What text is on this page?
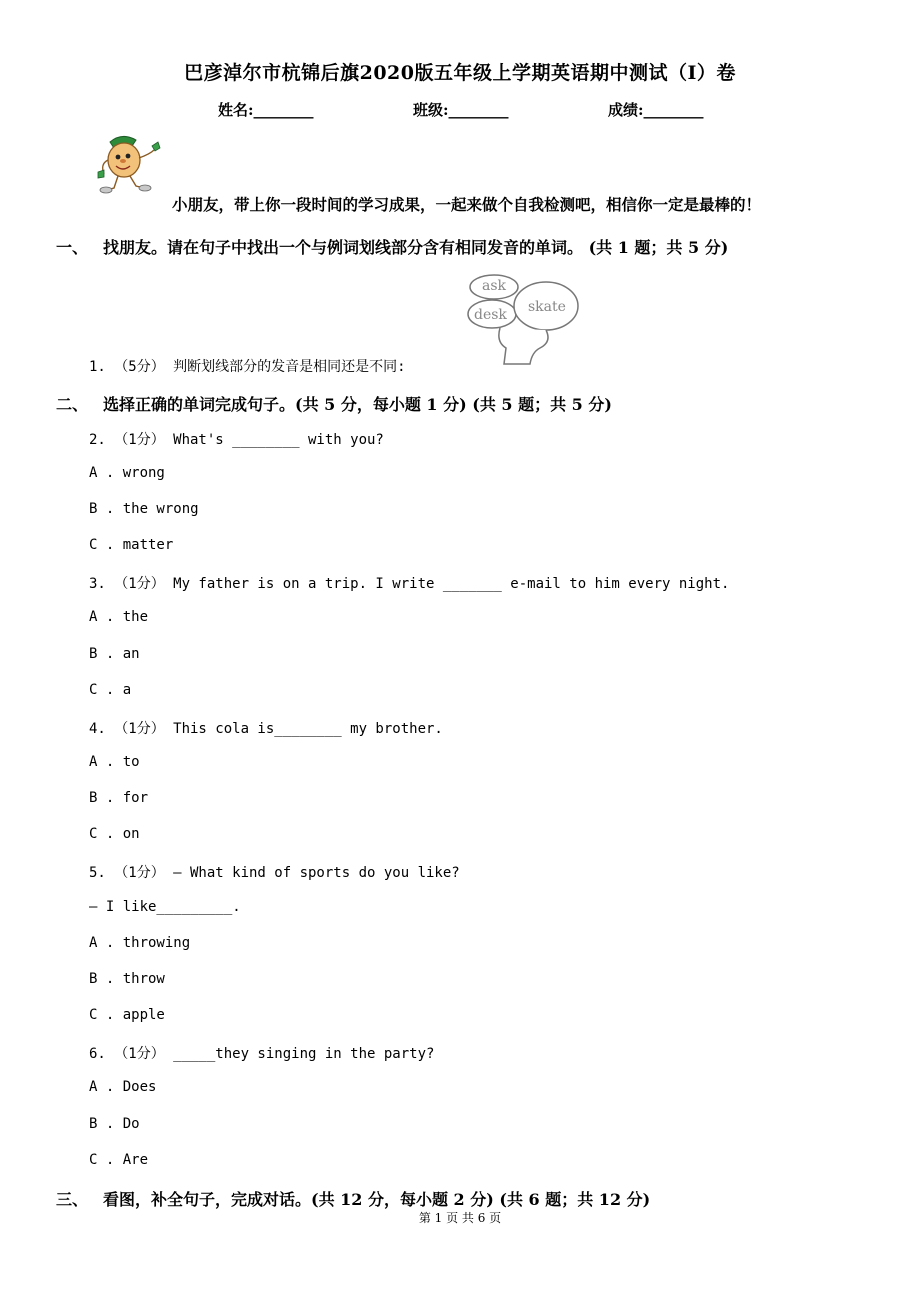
巴彦淖尔市杭锦后旗2020版五年级上学期英语期中测试（I）卷
姓名:________	班级:________	成绩:________
小朋友，带上你一段时间的学习成果，一起来做个自我检测吧，相信你一定是最棒的！
一、 找朋友。请在句子中找出一个与例词划线部分含有相同发音的单词。 (共 1 题；共 5 分)
ask
desk skate
1. （5分） 判断划线部分的发音是相同还是不同:
二、 选择正确的单词完成句子。(共 5 分，每小题 1 分) (共 5 题；共 5 分)
2. （1分） What's ________ with you?
A . wrong
B . the wrong
C . matter
3. （1分） My father is on a trip. I write _______ e-mail to him every night.
A . the
B . an
C . a
4. （1分） This cola is________ my brother.
A . to
B . for
C . on
5. （1分） — What kind of sports do you like?
— I like_________.
A . throwing
B . throw
C . apple
6. （1分） _____they singing in the party?
A . Does
B . Do
C . Are
三、 看图，补全句子，完成对话。(共 12 分，每小题 2 分) (共 6 题；共 12 分)
第 1 页 共 6 页
